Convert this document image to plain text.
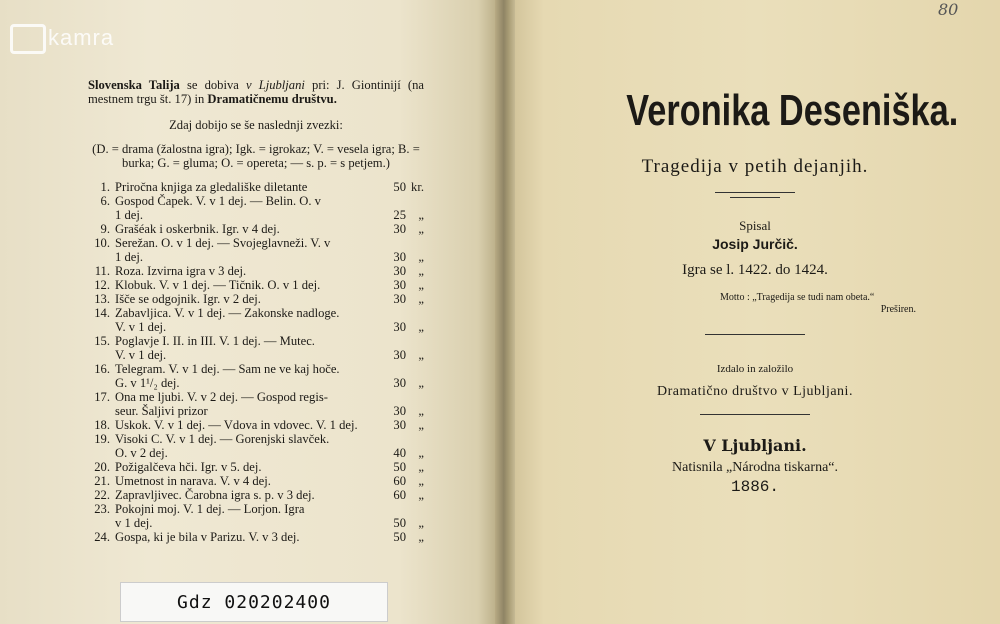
kamra
80
Slovenska Talija se dobiva v Ljubljani pri: J. Giontinijí (na mestnem trgu št. 17) in Dramatičnemu društvu.
Zdaj dobijo se še naslednji zvezki:
(D. = drama (žalostna igra); Igk. = igrokaz; V. = vesela igra; B. = burka; G. = gluma; O. = opereta; — s. p. = s petjem.)
1. Priročna knjiga za gledališke diletante	50 kr.
6. Gospod Čapek. V. v 1 dej. — Belin. O. v
1 dej.	25 „
9. Grašéak i oskerbnik. Igr. v 4 dej.	30 „
10. Serežan. O. v 1 dej. — Svojeglavneži. V. v
1 dej.	30 „
11. Roza. Izvirna igra v 3 dej.	30 „
12. Klobuk. V. v 1 dej. — Tičnik. O. v 1 dej.	30 „
13. Išče se odgojnik. Igr. v 2 dej.	30 „
14. Zabavljica. V. v 1 dej. — Zakonske nadloge.
V. v 1 dej.	30 „
15. Poglavje I. II. in III. V. 1 dej. — Mutec.
V. v 1 dej.	30 „
16. Telegram. V. v 1 dej. — Sam ne ve kaj hoče.
G. v 1¹/₂ dej.	30 „
17. Ona me ljubi. V. v 2 dej. — Gospod regis-
seur. Šaljivi prizor	30 „
18. Uskok. V. v 1 dej. — Vdova in vdovec. V. 1 dej.	30 „
19. Visoki C. V. v 1 dej. — Gorenjski slavček.
O. v 2 dej.	40 „
20. Požigalčeva hči. Igr. v 5. dej.	50 „
21. Umetnost in narava. V. v 4 dej.	60 „
22. Zapravljivec. Čarobna igra s. p. v 3 dej.	60 „
23. Pokojni moj. V. 1 dej. — Lorjon. Igra
v 1 dej.	50 „
24. Gospa, ki je bila v Parizu. V. v 3 dej.	50 „
Gdz 020202400
Veronika Deseniška.
Tragedija v petih dejanjih.
Spisal
Josip Jurčič.
Igra se l. 1422. do 1424.
Motto : „Tragedija se tudi nam obeta.“
Preširen.
Izdalo in založilo
Dramatično društvo v Ljubljani.
V Ljubljani.
Natisnila „Národna tiskarna“.
1886.
